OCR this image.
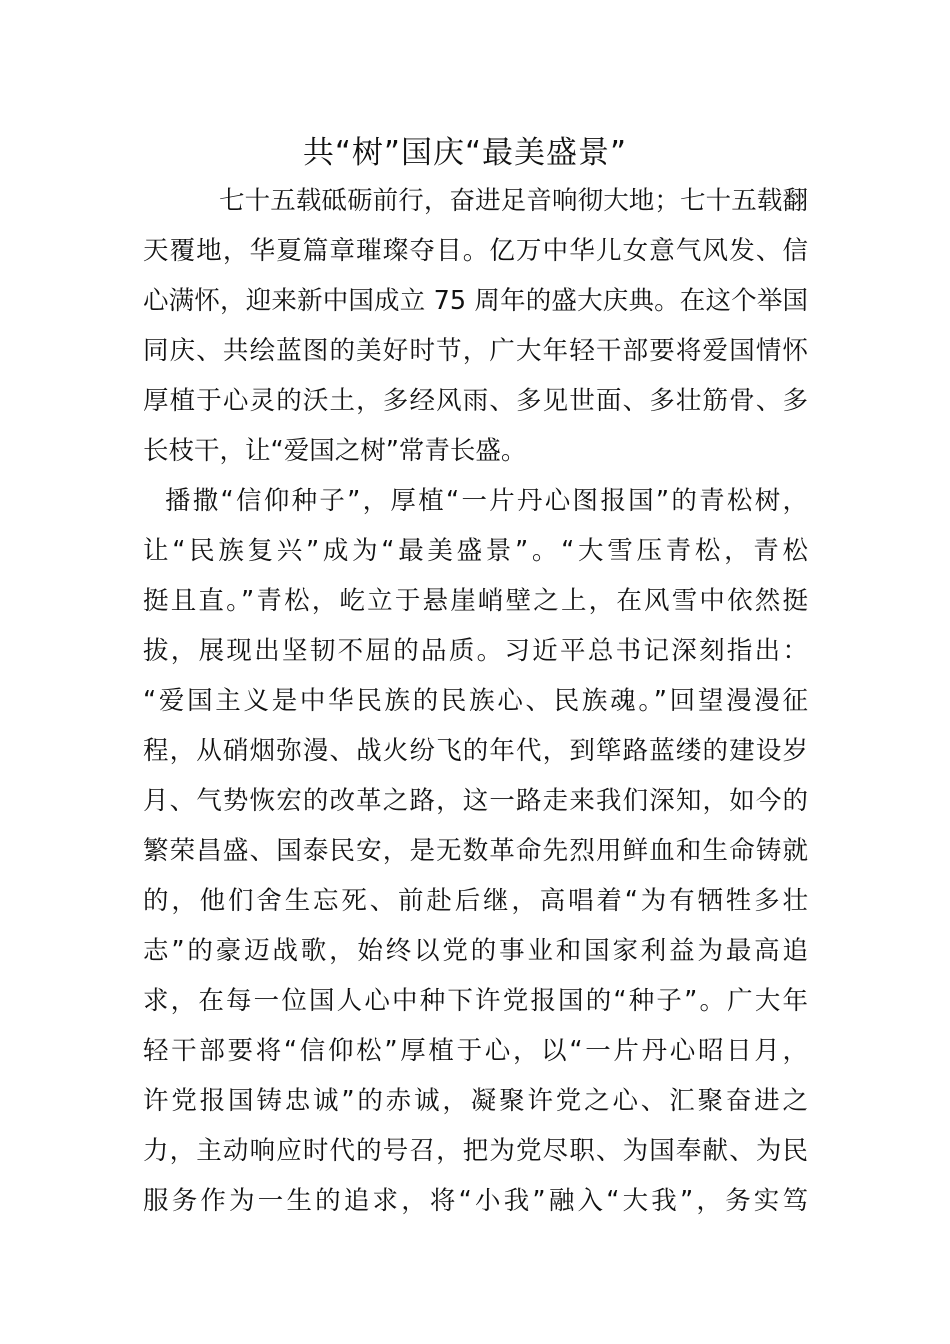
共“树”国庆“最美盛景”
七十五载砥砺前行，奋进足音响彻大地；七十五载翻
天覆地，华夏篇章璀璨夺目。亿万中华儿女意气风发、信
心满怀，迎来新中国成立 75 周年的盛大庆典。在这个举国
同庆、共绘蓝图的美好时节，广大年轻干部要将爱国情怀
厚植于心灵的沃土，多经风雨、多见世面、多壮筋骨、多
长枝干，让“爱国之树”常青长盛。
播撒“信仰种子”，厚植“一片丹心图报国”的青松树，
让“民族复兴”成为“最美盛景”。“大雪压青松，青松
挺且直。”青松，屹立于悬崖峭壁之上，在风雪中依然挺
拔，展现出坚韧不屈的品质。习近平总书记深刻指出：
“爱国主义是中华民族的民族心、民族魂。”回望漫漫征
程，从硝烟弥漫、战火纷飞的年代，到筚路蓝缕的建设岁
月、气势恢宏的改革之路，这一路走来我们深知，如今的
繁荣昌盛、国泰民安，是无数革命先烈用鲜血和生命铸就
的，他们舍生忘死、前赴后继，高唱着“为有牺牲多壮
志”的豪迈战歌，始终以党的事业和国家利益为最高追
求，在每一位国人心中种下许党报国的“种子”。广大年
轻干部要将“信仰松”厚植于心，以“一片丹心昭日月，
许党报国铸忠诚”的赤诚，凝聚许党之心、汇聚奋进之
力，主动响应时代的号召，把为党尽职、为国奉献、为民
服务作为一生的追求，将“小我”融入“大我”，务实笃
